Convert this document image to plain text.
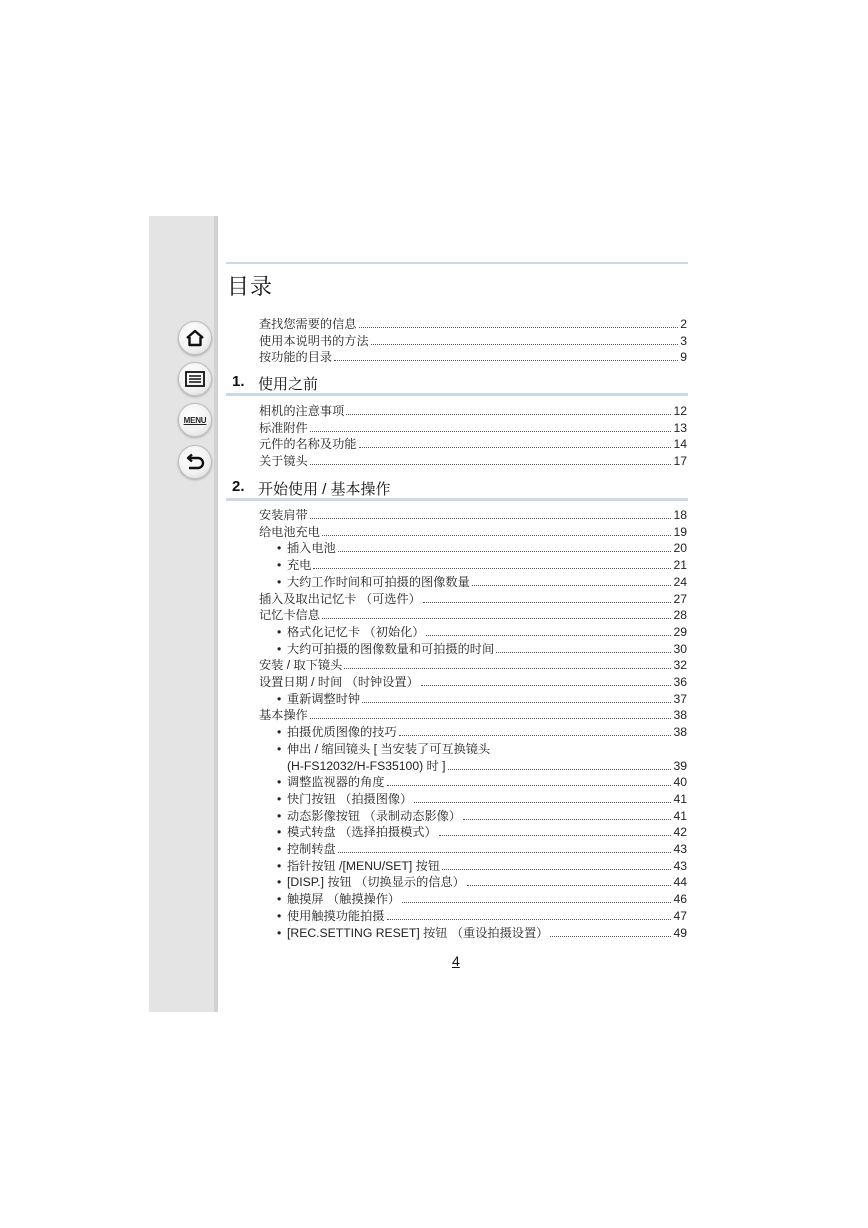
MENU
目录
查找您需要的信息	2
使用本说明书的方法	3
按功能的目录	9
1. 使用之前
相机的注意事项	12
标准附件	13
元件的名称及功能	14
关于镜头	17
2. 开始使用 / 基本操作
安装肩带	18
给电池充电	19
• 插入电池	20
• 充电	21
• 大约工作时间和可拍摄的图像数量	24
插入及取出记忆卡 （可选件）	27
记忆卡信息	28
• 格式化记忆卡 （初始化）	29
• 大约可拍摄的图像数量和可拍摄的时间	30
安装 / 取下镜头	32
设置日期 / 时间 （时钟设置）	36
• 重新调整时钟	37
基本操作	38
• 拍摄优质图像的技巧	38
• 伸出 / 缩回镜头 [ 当安装了可互换镜头
(H-FS12032/H-FS35100) 时 ]	39
• 调整监视器的角度	40
• 快门按钮 （拍摄图像）	41
• 动态影像按钮 （录制动态影像）	41
• 模式转盘 （选择拍摄模式）	42
• 控制转盘	43
• 指针按钮 /[MENU/SET] 按钮	43
• [DISP.] 按钮 （切换显示的信息）	44
• 触摸屏 （触摸操作）	46
• 使用触摸功能拍摄	47
• [REC.SETTING RESET] 按钮 （重设拍摄设置）	49
4
